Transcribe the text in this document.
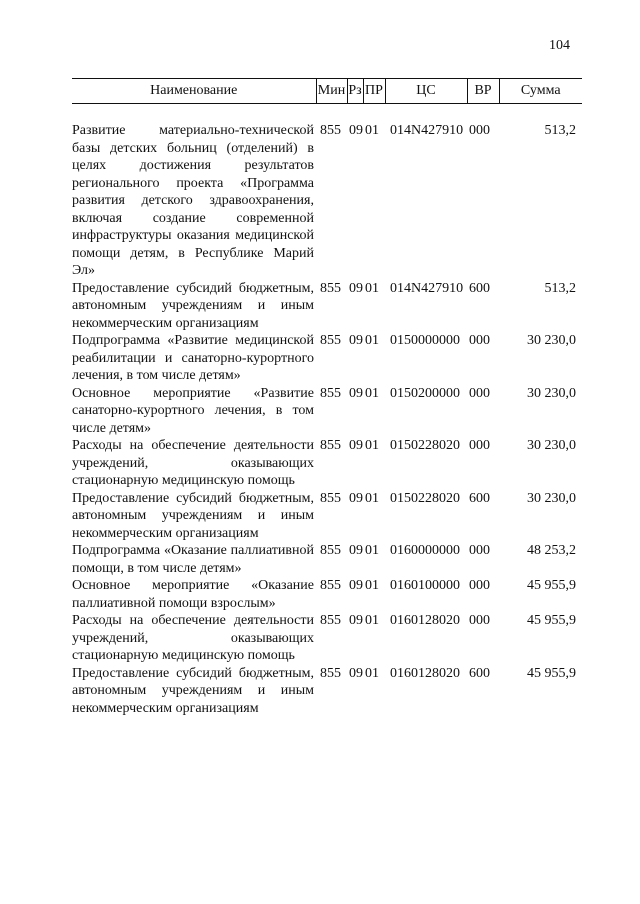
104
Наименование	Мин	Рз	ПР	ЦС	ВР	Сумма

Развитие материально-технической базы детских больниц (отделений) в целях достижения результатов регионального проекта «Программа развития детского здравоохранения, включая создание современной инфраструктуры оказания медицинской помощи детям, в Республике Марий Эл»	855	09	01	014N427910	000	513,2
Предоставление субсидий бюджетным, автономным учреждениям и иным некоммерческим организациям	855	09	01	014N427910	600	513,2
Подпрограмма «Развитие медицинской реабилитации и санаторно-курортного лечения, в том числе детям»	855	09	01	0150000000	000	30 230,0
Основное мероприятие «Развитие санаторно-курортного лечения, в том числе детям»	855	09	01	0150200000	000	30 230,0
Расходы на обеспечение деятельности учреждений, оказывающих стационарную медицинскую помощь	855	09	01	0150228020	000	30 230,0
Предоставление субсидий бюджетным, автономным учреждениям и иным некоммерческим организациям	855	09	01	0150228020	600	30 230,0
Подпрограмма «Оказание паллиативной помощи, в том числе детям»	855	09	01	0160000000	000	48 253,2
Основное мероприятие «Оказание паллиативной помощи взрослым»	855	09	01	0160100000	000	45 955,9
Расходы на обеспечение деятельности учреждений, оказывающих стационарную медицинскую помощь	855	09	01	0160128020	000	45 955,9
Предоставление субсидий бюджетным, автономным учреждениям и иным некоммерческим организациям	855	09	01	0160128020	600	45 955,9
